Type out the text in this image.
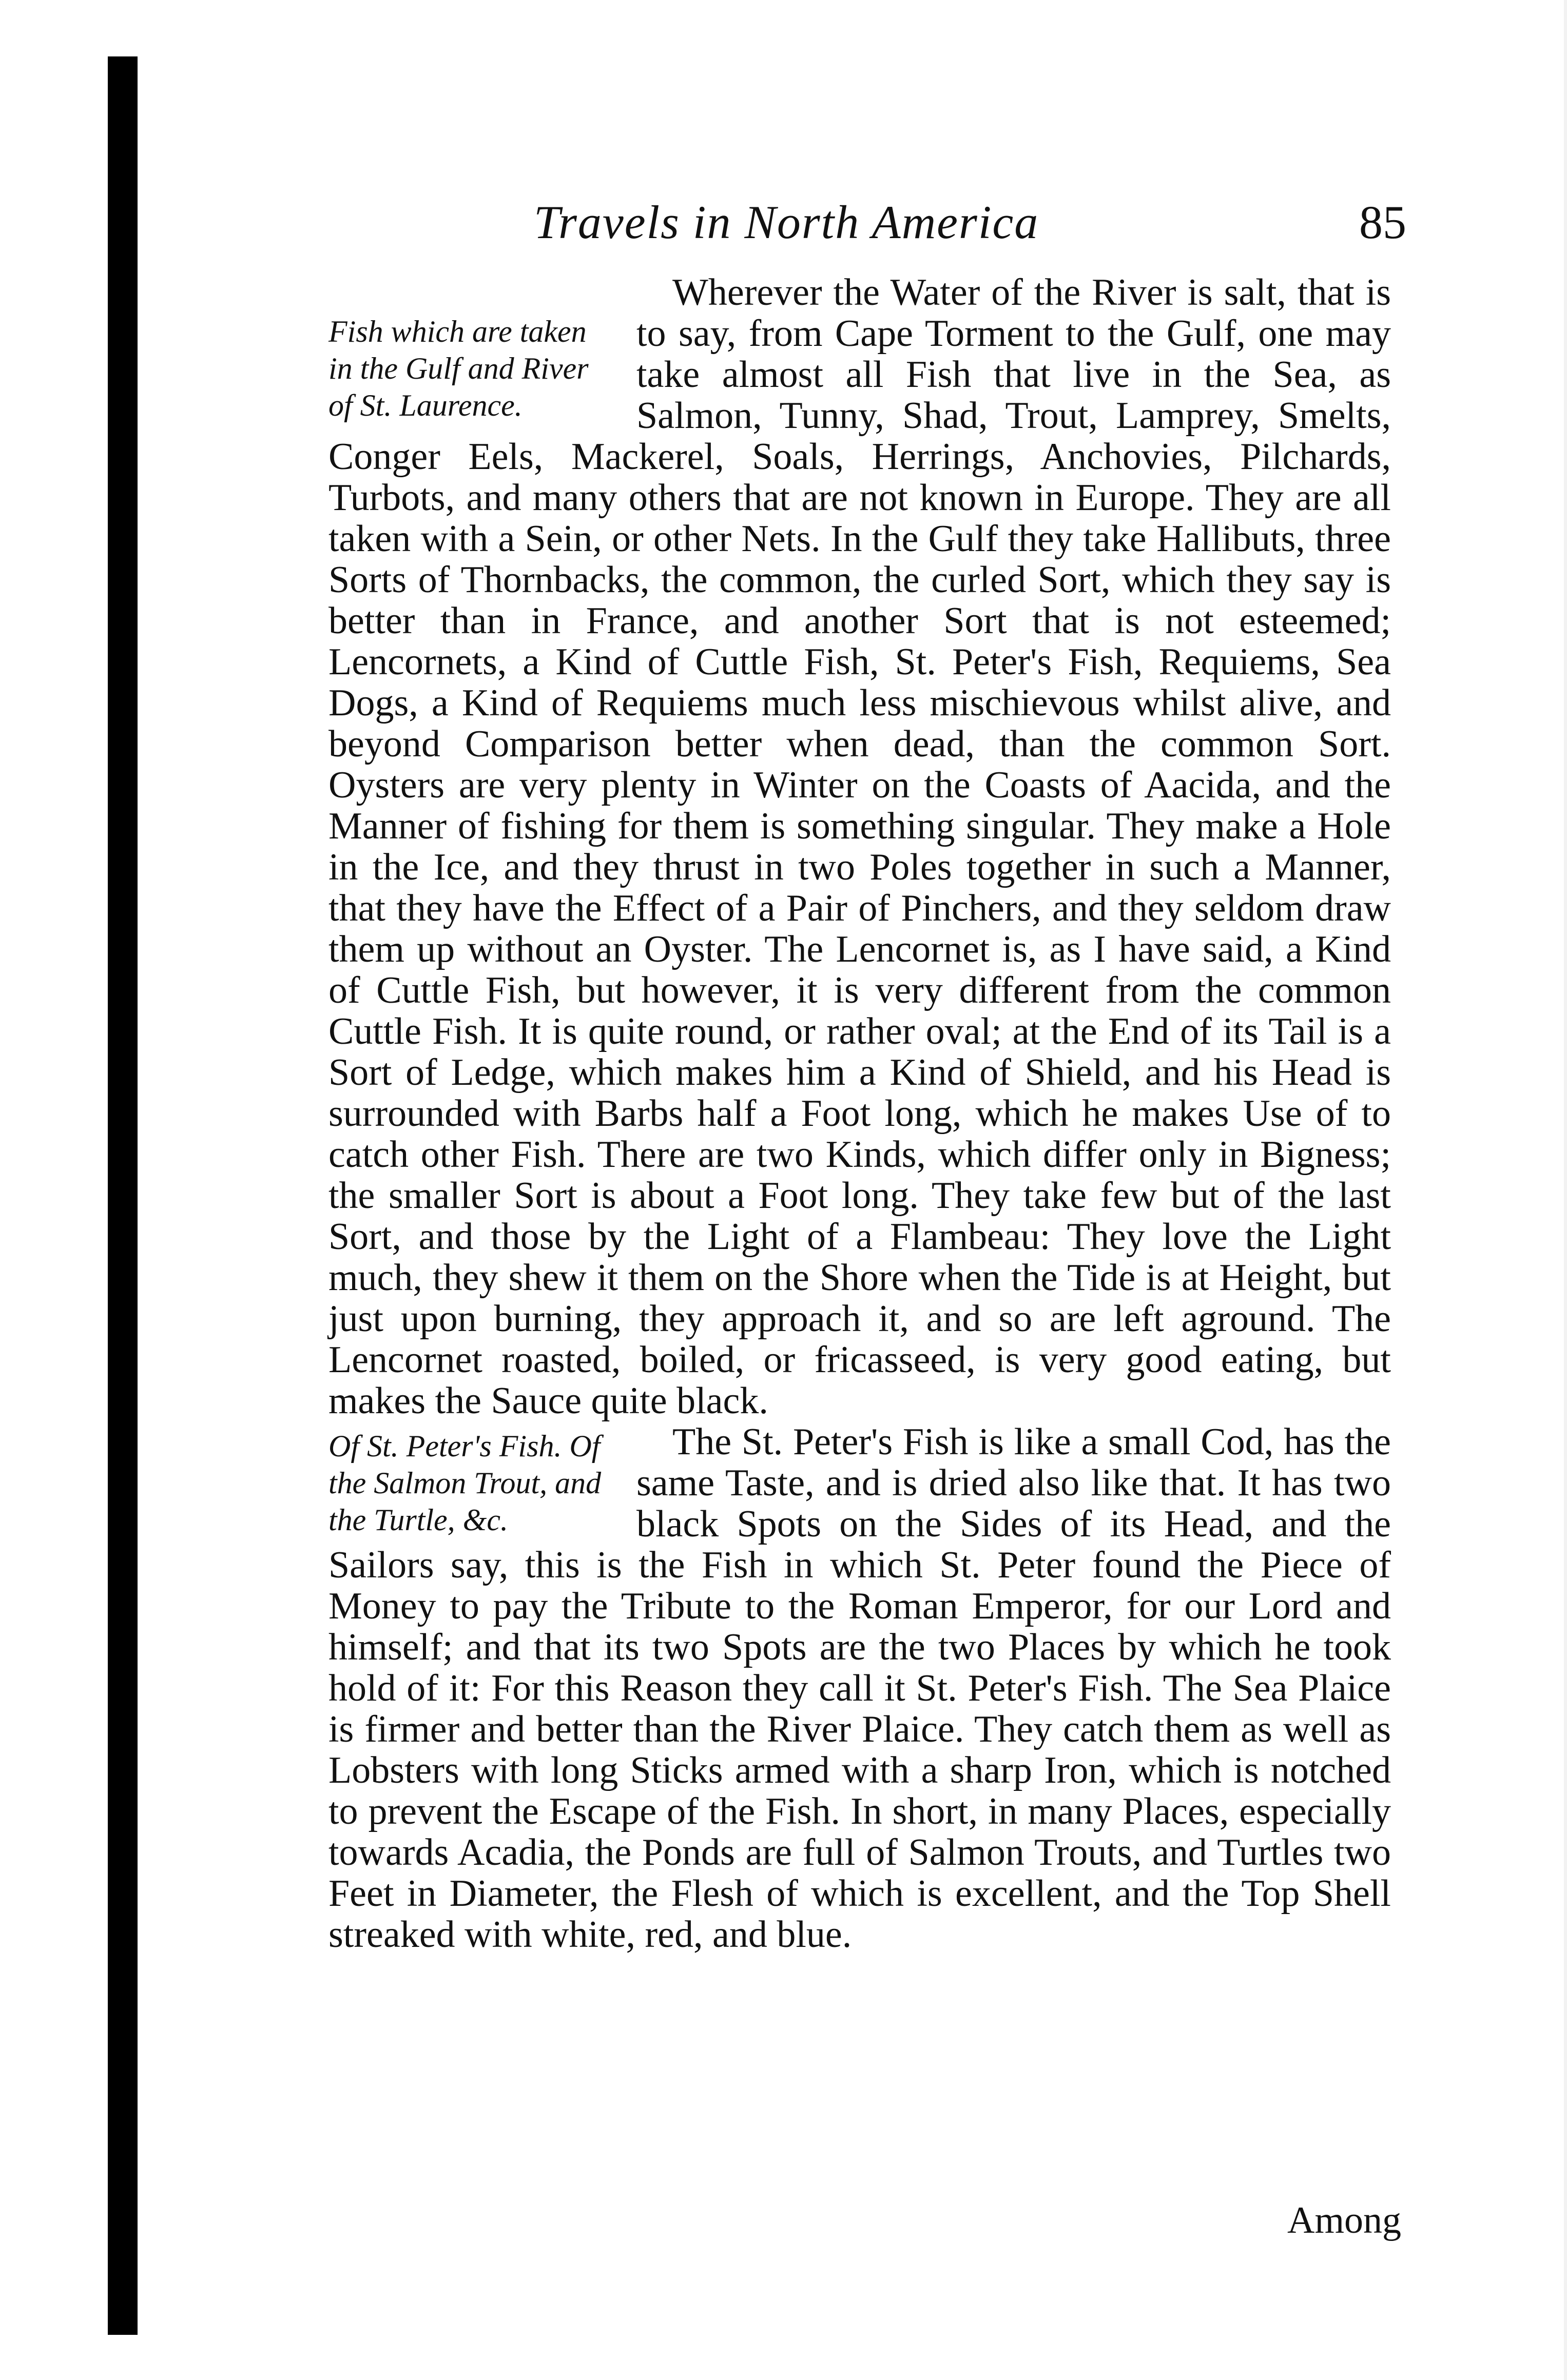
Travels in North America	85
Fish which are taken in the Gulf and River of St. Laurence.

Wherever the Water of the River is salt, that is to say, from Cape Torment to the Gulf, one may take almost all Fish that live in the Sea, as Salmon, Tunny, Shad, Trout, Lamprey, Smelts, Conger Eels, Mackerel, Soals, Herrings, Anchovies, Pilchards, Turbots, and many others that are not known in Europe. They are all taken with a Sein, or other Nets. In the Gulf they take Hallibuts, three Sorts of Thornbacks, the common, the curled Sort, which they say is better than in France, and another Sort that is not esteemed; Lencornets, a Kind of Cuttle Fish, St. Peter's Fish, Requiems, Sea Dogs, a Kind of Requiems much less mischievous whilst alive, and beyond Comparison better when dead, than the common Sort. Oysters are very plenty in Winter on the Coasts of Aacida, and the Manner of fishing for them is something singular. They make a Hole in the Ice, and they thrust in two Poles together in such a Manner, that they have the Effect of a Pair of Pinchers, and they seldom draw them up without an Oyster. The Lencornet is, as I have said, a Kind of Cuttle Fish, but however, it is very different from the common Cuttle Fish. It is quite round, or rather oval; at the End of its Tail is a Sort of Ledge, which makes him a Kind of Shield, and his Head is surrounded with Barbs half a Foot long, which he makes Use of to catch other Fish. There are two Kinds, which differ only in Bigness; the smaller Sort is about a Foot long. They take few but of the last Sort, and those by the Light of a Flambeau: They love the Light much, they shew it them on the Shore when the Tide is at Height, but just upon burning, they approach it, and so are left aground. The Lencornet roasted, boiled, or fricasseed, is very good eating, but makes the Sauce quite black.

Of St. Peter's Fish. Of the Salmon Trout, and the Turtle, &c.

The St. Peter's Fish is like a small Cod, has the same Taste, and is dried also like that. It has two black Spots on the Sides of its Head, and the Sailors say, this is the Fish in which St. Peter found the Piece of Money to pay the Tribute to the Roman Emperor, for our Lord and himself; and that its two Spots are the two Places by which he took hold of it: For this Reason they call it St. Peter's Fish. The Sea Plaice is firmer and better than the River Plaice. They catch them as well as Lobsters with long Sticks armed with a sharp Iron, which is notched to prevent the Escape of the Fish. In short, in many Places, especially towards Acadia, the Ponds are full of Salmon Trouts, and Turtles two Feet in Diameter, the Flesh of which is excellent, and the Top Shell streaked with white, red, and blue.

Among
